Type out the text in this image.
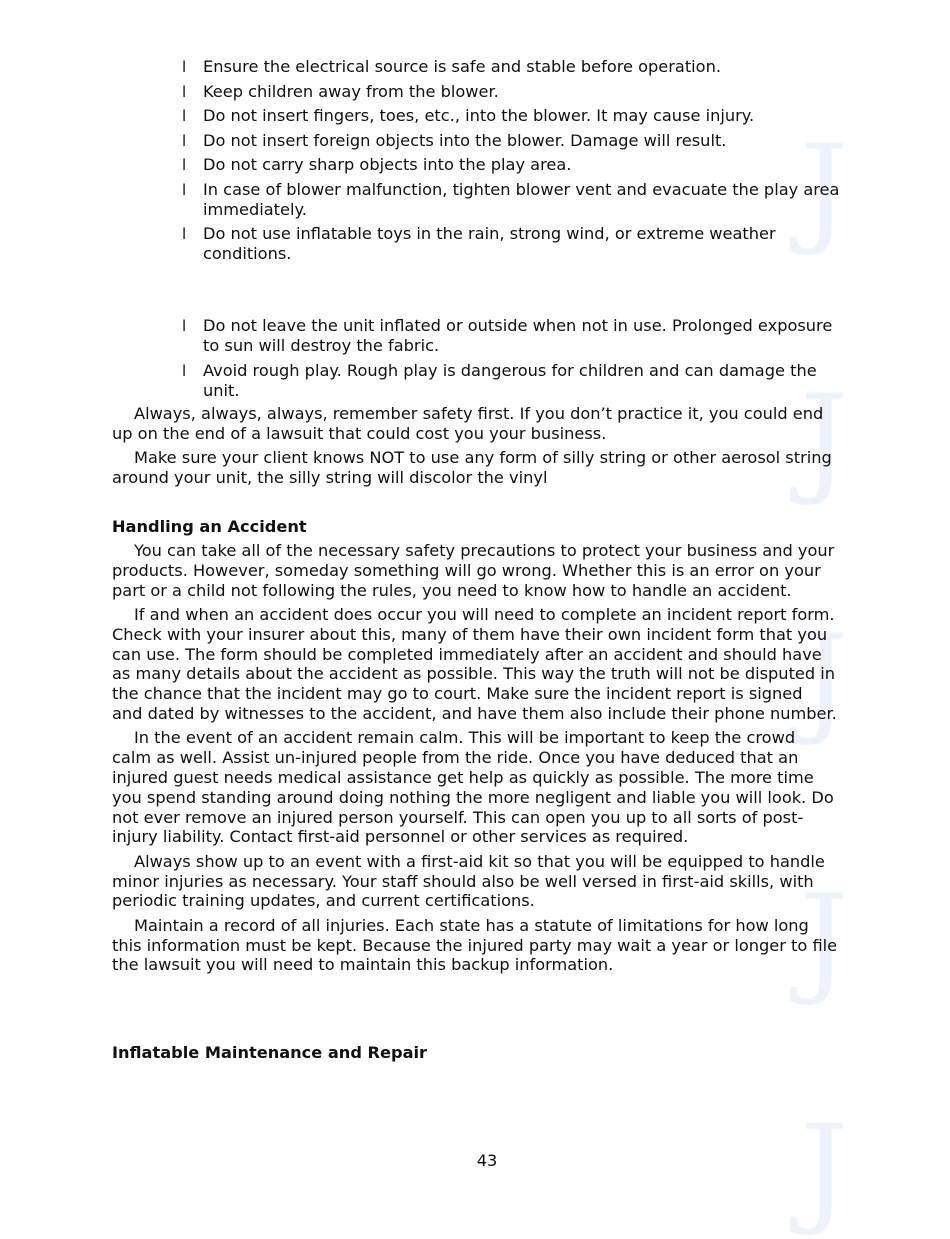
J
J
J
J
J
l Ensure the electrical source is safe and stable before operation.
l Keep children away from the blower.
l Do not insert fingers, toes, etc., into the blower. It may cause injury.
l Do not insert foreign objects into the blower. Damage will result.
l Do not carry sharp objects into the play area.
l In case of blower malfunction, tighten blower vent and evacuate the play area immediately.
l Do not use inflatable toys in the rain, strong wind, or extreme weather conditions.
l Do not leave the unit inflated or outside when not in use. Prolonged exposure to sun will destroy the fabric.
l Avoid rough play. Rough play is dangerous for children and can damage the unit.

Always, always, always, remember safety first. If you don’t practice it, you could end up on the end of a lawsuit that could cost you your business.

Make sure your client knows NOT to use any form of silly string or other aerosol string around your unit, the silly string will discolor the vinyl

Handling an Accident

You can take all of the necessary safety precautions to protect your business and your products. However, someday something will go wrong. Whether this is an error on your part or a child not following the rules, you need to know how to handle an accident.

If and when an accident does occur you will need to complete an incident report form. Check with your insurer about this, many of them have their own incident form that you can use. The form should be completed immediately after an accident and should have as many details about the accident as possible. This way the truth will not be disputed in the chance that the incident may go to court. Make sure the incident report is signed and dated by witnesses to the accident, and have them also include their phone number.

In the event of an accident remain calm. This will be important to keep the crowd calm as well. Assist un-injured people from the ride. Once you have deduced that an injured guest needs medical assistance get help as quickly as possible. The more time you spend standing around doing nothing the more negligent and liable you will look. Do not ever remove an injured person yourself. This can open you up to all sorts of post-injury liability. Contact first-aid personnel or other services as required.

Always show up to an event with a first-aid kit so that you will be equipped to handle minor injuries as necessary. Your staff should also be well versed in first-aid skills, with periodic training updates, and current certifications.

Maintain a record of all injuries. Each state has a statute of limitations for how long this information must be kept. Because the injured party may wait a year or longer to file the lawsuit you will need to maintain this backup information.

Inflatable Maintenance and Repair
43
